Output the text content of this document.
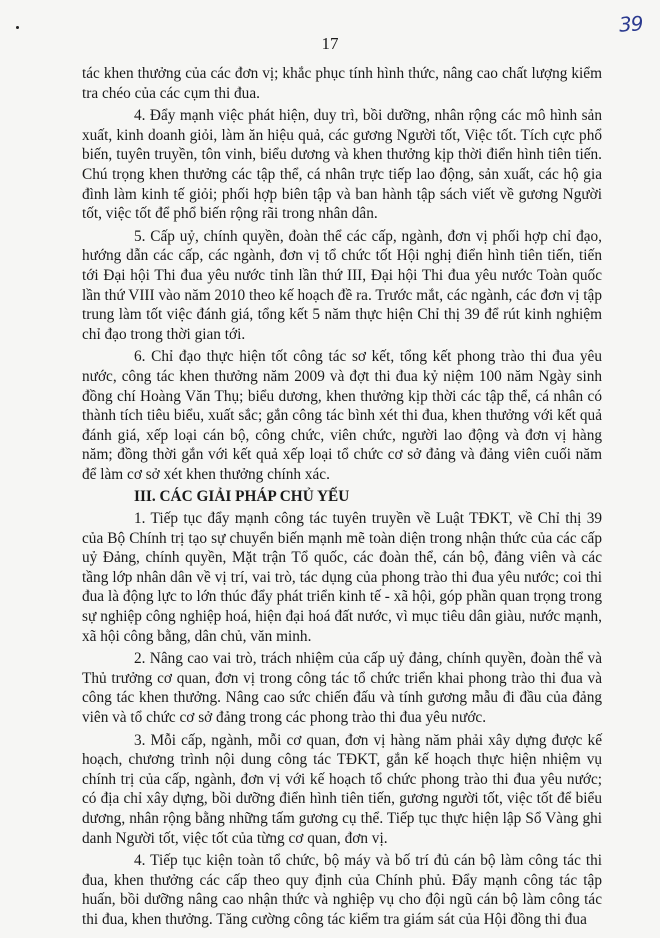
39
17

tác khen thưởng của các đơn vị; khắc phục tính hình thức, nâng cao chất lượng kiểm tra chéo của các cụm thi đua.

4. Đẩy mạnh việc phát hiện, duy trì, bồi dưỡng, nhân rộng các mô hình sản xuất, kinh doanh giỏi, làm ăn hiệu quả, các gương Người tốt, Việc tốt. Tích cực phổ biến, tuyên truyền, tôn vinh, biểu dương và khen thưởng kịp thời điển hình tiên tiến. Chú trọng khen thưởng các tập thể, cá nhân trực tiếp lao động, sản xuất, các hộ gia đình làm kinh tế giỏi; phối hợp biên tập và ban hành tập sách viết về gương Người tốt, việc tốt để phổ biến rộng rãi trong nhân dân.

5. Cấp uỷ, chính quyền, đoàn thể các cấp, ngành, đơn vị phối hợp chỉ đạo, hướng dẫn các cấp, các ngành, đơn vị tổ chức tốt Hội nghị điển hình tiên tiến, tiến tới Đại hội Thi đua yêu nước tỉnh lần thứ III, Đại hội Thi đua yêu nước Toàn quốc lần thứ VIII vào năm 2010 theo kế hoạch đề ra. Trước mắt, các ngành, các đơn vị tập trung làm tốt việc đánh giá, tổng kết 5 năm thực hiện Chỉ thị 39 để rút kinh nghiệm chỉ đạo trong thời gian tới.

6. Chỉ đạo thực hiện tốt công tác sơ kết, tổng kết phong trào thi đua yêu nước, công tác khen thưởng năm 2009 và đợt thi đua kỷ niệm 100 năm Ngày sinh đồng chí Hoàng Văn Thụ; biểu dương, khen thưởng kịp thời các tập thể, cá nhân có thành tích tiêu biểu, xuất sắc; gắn công tác bình xét thi đua, khen thưởng với kết quả đánh giá, xếp loại cán bộ, công chức, viên chức, người lao động và đơn vị hàng năm; đồng thời gắn với kết quả xếp loại tổ chức cơ sở đảng và đảng viên cuối năm để làm cơ sở xét khen thưởng chính xác.

III. CÁC GIẢI PHÁP CHỦ YẾU

1. Tiếp tục đẩy mạnh công tác tuyên truyền về Luật TĐKT, về Chỉ thị 39 của Bộ Chính trị tạo sự chuyển biến mạnh mẽ toàn diện trong nhận thức của các cấp uỷ Đảng, chính quyền, Mặt trận Tổ quốc, các đoàn thể, cán bộ, đảng viên và các tầng lớp nhân dân về vị trí, vai trò, tác dụng của phong trào thi đua yêu nước; coi thi đua là động lực to lớn thúc đẩy phát triển kinh tế - xã hội, góp phần quan trọng trong sự nghiệp công nghiệp hoá, hiện đại hoá đất nước, vì mục tiêu dân giàu, nước mạnh, xã hội công bằng, dân chủ, văn minh.

2. Nâng cao vai trò, trách nhiệm của cấp uỷ đảng, chính quyền, đoàn thể và Thủ trưởng cơ quan, đơn vị trong công tác tổ chức triển khai phong trào thi đua và công tác khen thưởng. Nâng cao sức chiến đấu và tính gương mẫu đi đầu của đảng viên và tổ chức cơ sở đảng trong các phong trào thi đua yêu nước.

3. Mỗi cấp, ngành, mỗi cơ quan, đơn vị hàng năm phải xây dựng được kế hoạch, chương trình nội dung công tác TĐKT, gắn kế hoạch thực hiện nhiệm vụ chính trị của cấp, ngành, đơn vị với kế hoạch tổ chức phong trào thi đua yêu nước; có địa chỉ xây dựng, bồi dưỡng điển hình tiên tiến, gương người tốt, việc tốt để biểu dương, nhân rộng bằng những tấm gương cụ thể. Tiếp tục thực hiện lập Sổ Vàng ghi danh Người tốt, việc tốt của từng cơ quan, đơn vị.

4. Tiếp tục kiện toàn tổ chức, bộ máy và bố trí đủ cán bộ làm công tác thi đua, khen thưởng các cấp theo quy định của Chính phủ. Đẩy mạnh công tác tập huấn, bồi dưỡng nâng cao nhận thức và nghiệp vụ cho đội ngũ cán bộ làm công tác thi đua, khen thưởng. Tăng cường công tác kiểm tra giám sát của Hội đồng thi đua
